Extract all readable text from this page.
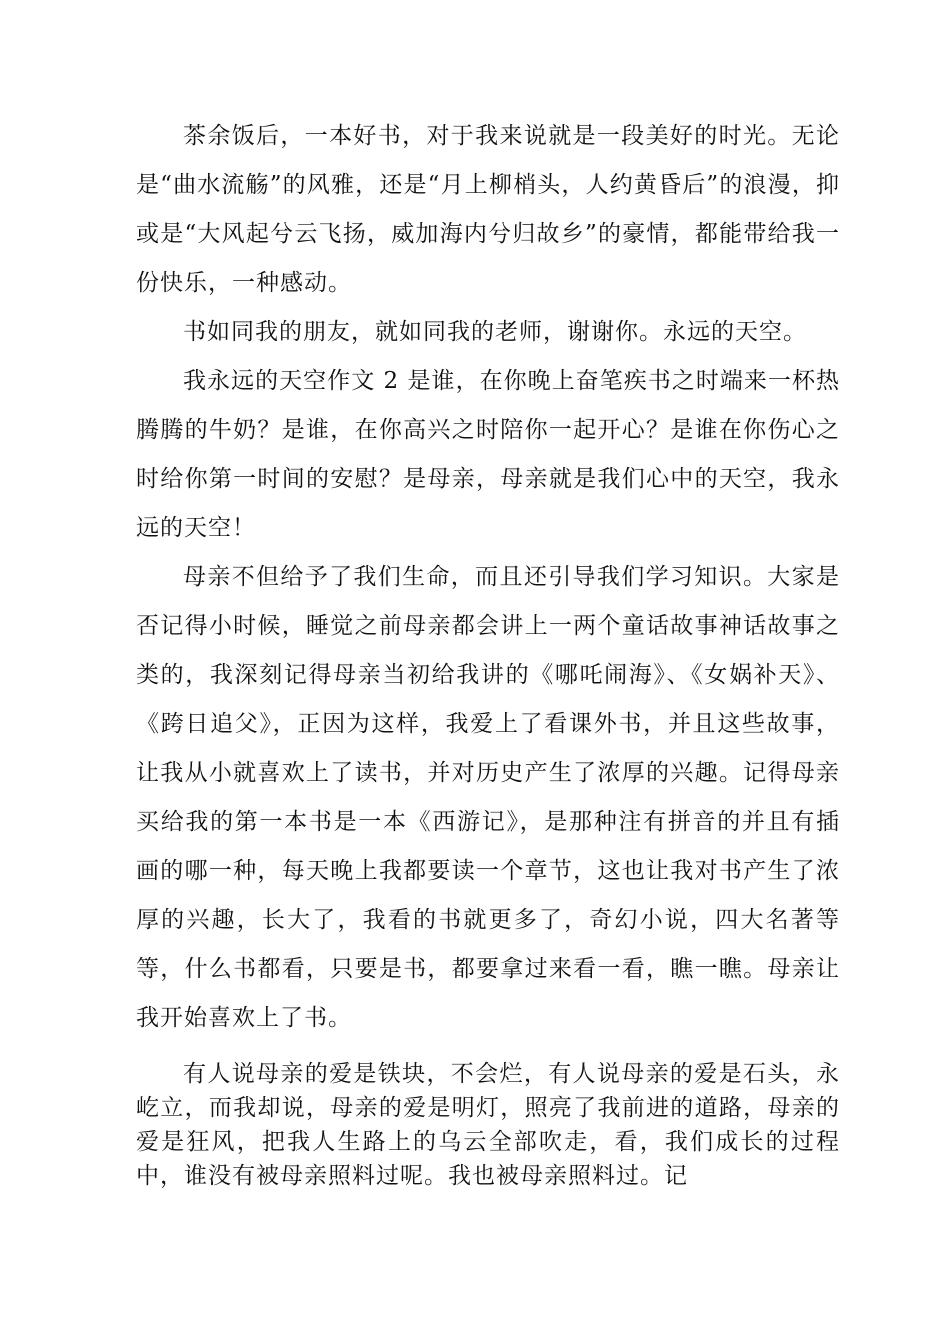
茶余饭后，一本好书，对于我来说就是一段美好的时光。无论是“曲水流觞”的风雅，还是“月上柳梢头，人约黄昏后”的浪漫，抑或是“大风起兮云飞扬，威加海内兮归故乡”的豪情，都能带给我一份快乐，一种感动。

书如同我的朋友，就如同我的老师，谢谢你。永远的天空。

我永远的天空作文 2 是谁，在你晚上奋笔疾书之时端来一杯热腾腾的牛奶？是谁，在你高兴之时陪你一起开心？是谁在你伤心之时给你第一时间的安慰？是母亲，母亲就是我们心中的天空，我永远的天空！

母亲不但给予了我们生命，而且还引导我们学习知识。大家是否记得小时候，睡觉之前母亲都会讲上一两个童话故事神话故事之类的，我深刻记得母亲当初给我讲的《哪吒闹海》、《女娲补天》、《跨日追父》，正因为这样，我爱上了看课外书，并且这些故事，让我从小就喜欢上了读书，并对历史产生了浓厚的兴趣。记得母亲买给我的第一本书是一本《西游记》，是那种注有拼音的并且有插画的哪一种，每天晚上我都要读一个章节，这也让我对书产生了浓厚的兴趣，长大了，我看的书就更多了，奇幻小说，四大名著等等，什么书都看，只要是书，都要拿过来看一看，瞧一瞧。母亲让我开始喜欢上了书。

有人说母亲的爱是铁块，不会烂，有人说母亲的爱是石头，永屹立，而我却说，母亲的爱是明灯，照亮了我前进的道路，母亲的爱是狂风，把我人生路上的乌云全部吹走，看，我们成长的过程中，谁没有被母亲照料过呢。我也被母亲照料过。记
